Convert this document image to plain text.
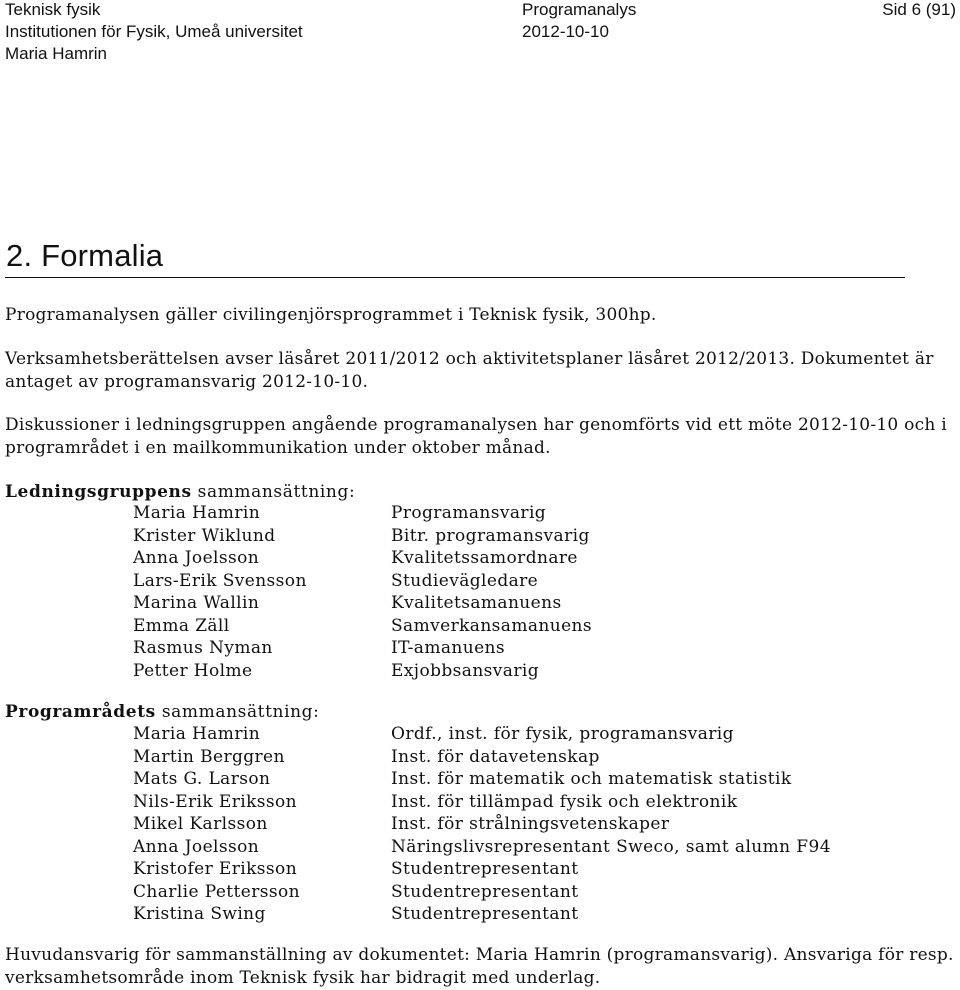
Teknisk fysik
Institutionen för Fysik, Umeå universitet
Maria Hamrin
Programanalys
2012-10-10
Sid 6 (91)
2. Formalia

Programanalysen gäller civilingenjörsprogrammet i Teknisk fysik, 300hp.

Verksamhetsberättelsen avser läsåret 2011/2012 och aktivitetsplaner läsåret 2012/2013. Dokumentet är antaget av programansvarig 2012-10-10.

Diskussioner i ledningsgruppen angående programanalysen har genomförts vid ett möte 2012-10-10 och i programrådet i en mailkommunikation under oktober månad.

Ledningsgruppens sammansättning:

Maria Hamrin	Programansvarig
Krister Wiklund	Bitr. programansvarig
Anna Joelsson	Kvalitetssamordnare
Lars-Erik Svensson	Studievägledare
Marina Wallin	Kvalitetsamanuens
Emma Zäll	Samverkansamanuens
Rasmus Nyman	IT-amanuens
Petter Holme	Exjobbsansvarig

Programrådets sammansättning:

Maria Hamrin	Ordf., inst. för fysik, programansvarig
Martin Berggren	Inst. för datavetenskap
Mats G. Larson	Inst. för matematik och matematisk statistik
Nils-Erik Eriksson	Inst. för tillämpad fysik och elektronik
Mikel Karlsson	Inst. för strålningsvetenskaper
Anna Joelsson	Näringslivsrepresentant Sweco, samt alumn F94
Kristofer Eriksson	Studentrepresentant
Charlie Pettersson	Studentrepresentant
Kristina Swing	Studentrepresentant

Huvudansvarig för sammanställning av dokumentet: Maria Hamrin (programansvarig). Ansvariga för resp. verksamhetsområde inom Teknisk fysik har bidragit med underlag.
